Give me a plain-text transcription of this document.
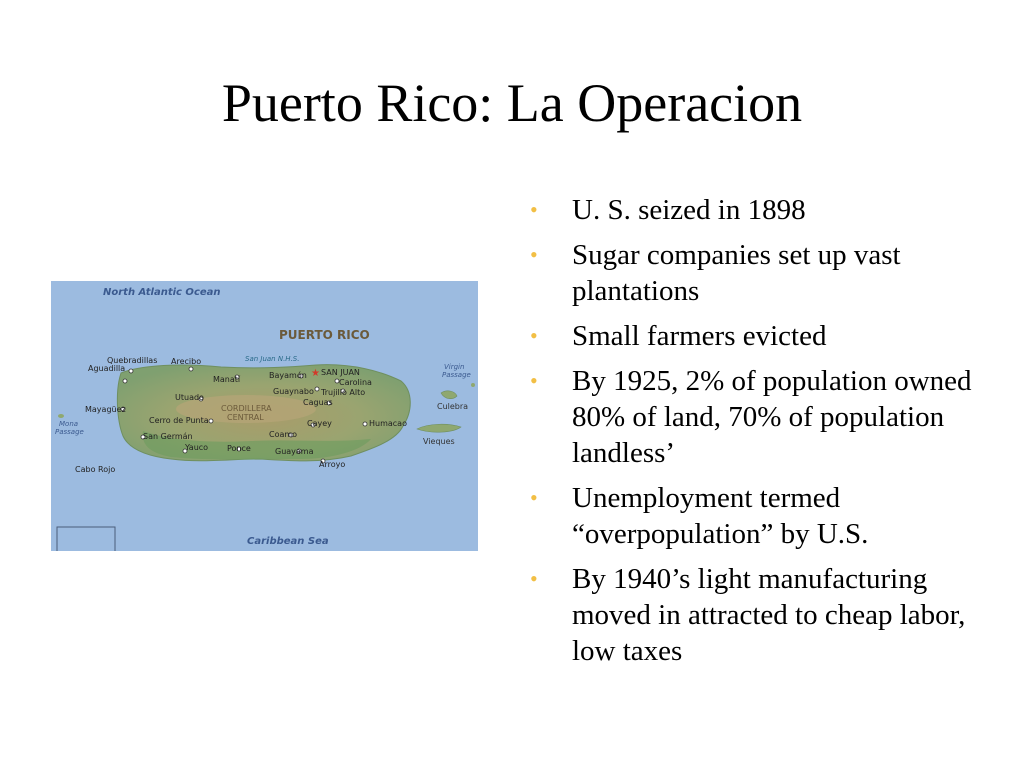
Puerto Rico: La Operacion
North Atlantic Ocean
Caribbean Sea
PUERTO RICO
Virgin
Passage
Mona
Passage
Culebra
Vieques
San Juan N.H.S.
SAN JUAN
★
CORDILLERA
CENTRAL
Quebradillas Arecibo
Aguadilla
Manatí	Bayamón
Guaynabo
Carolina
Trujillo Alto
Utuado
Mayagüez
Cerro de Punta
Caguas
Cayey	Humacao
San Germán	Coamo
Yauco Ponce	Guayama
Arroyo
Cabo Rojo
• U. S. seized in 1898
• Sugar companies set up vast plantations
• Small farmers evicted
• By 1925, 2% of population owned 80% of land, 70% of population landless’
• Unemployment termed “overpopulation” by U.S.
• By 1940’s light manufacturing moved in attracted to cheap labor, low taxes
